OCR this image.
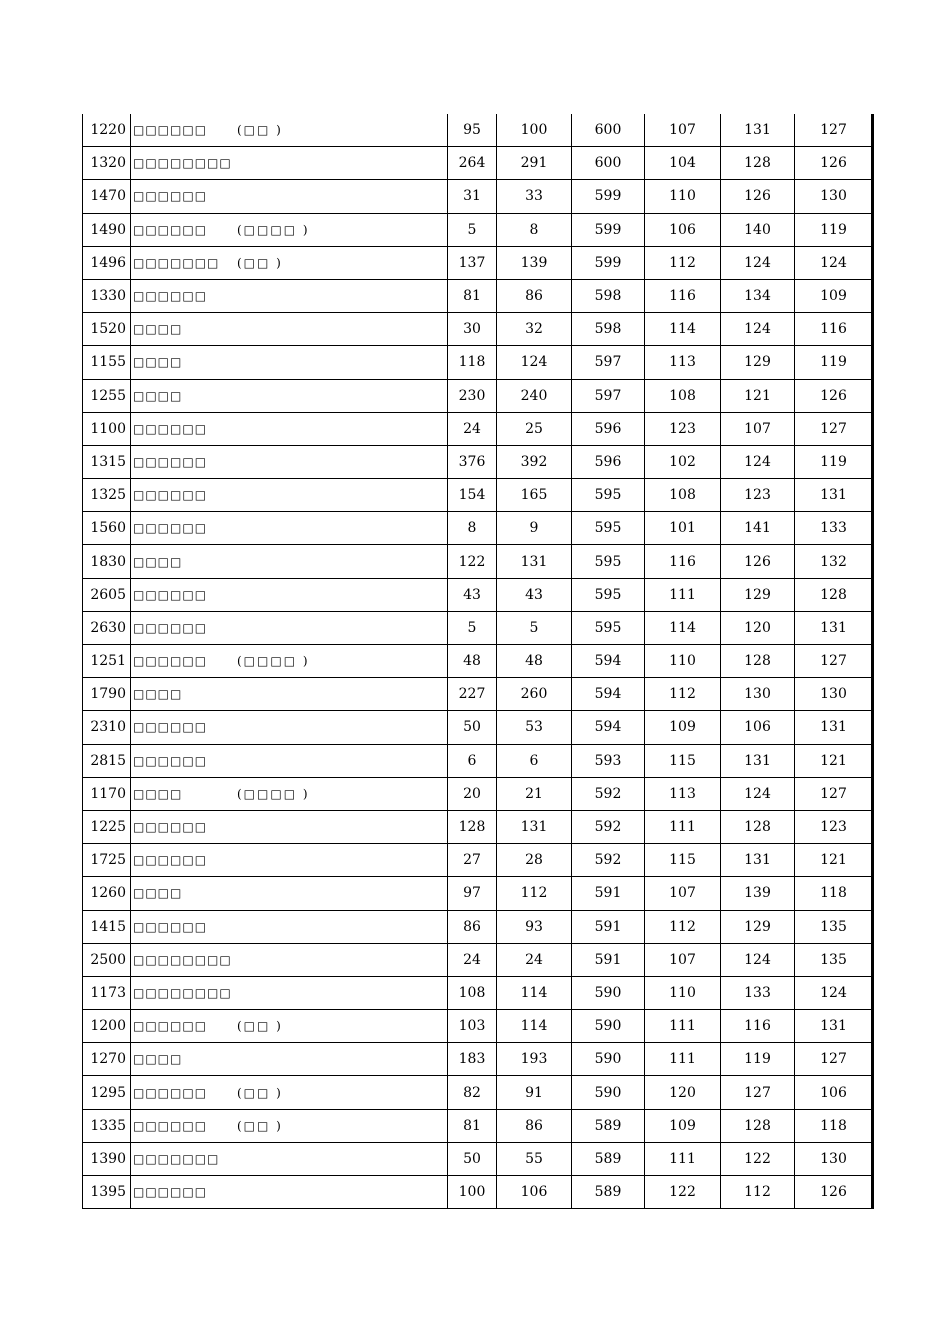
1220 □□□□□□	(□□ )	95	100	600	107	131	127
1320 □□□□□□□□	264	291	600	104	128	126
1470 □□□□□□	31	33	599	110	126	130
1490 □□□□□□	(□□□□ )	5	8	599	106	140	119
1496 □□□□□□□	(□□ )	137	139	599	112	124	124
1330 □□□□□□	81	86	598	116	134	109
1520 □□□□	30	32	598	114	124	116
1155 □□□□	118	124	597	113	129	119
1255 □□□□	230	240	597	108	121	126
1100 □□□□□□	24	25	596	123	107	127
1315 □□□□□□	376	392	596	102	124	119
1325 □□□□□□	154	165	595	108	123	131
1560 □□□□□□	8	9	595	101	141	133
1830 □□□□	122	131	595	116	126	132
2605 □□□□□□	43	43	595	111	129	128
2630 □□□□□□	5	5	595	114	120	131
1251 □□□□□□	(□□□□ )	48	48	594	110	128	127
1790 □□□□	227	260	594	112	130	130
2310 □□□□□□	50	53	594	109	106	131
2815 □□□□□□	6	6	593	115	131	121
1170 □□□□	(□□□□ )	20	21	592	113	124	127
1225 □□□□□□	128	131	592	111	128	123
1725 □□□□□□	27	28	592	115	131	121
1260 □□□□	97	112	591	107	139	118
1415 □□□□□□	86	93	591	112	129	135
2500 □□□□□□□□	24	24	591	107	124	135
1173 □□□□□□□□	108	114	590	110	133	124
1200 □□□□□□	(□□ )	103	114	590	111	116	131
1270 □□□□	183	193	590	111	119	127
1295 □□□□□□	(□□ )	82	91	590	120	127	106
1335 □□□□□□	(□□ )	81	86	589	109	128	118
1390 □□□□□□□	50	55	589	111	122	130
1395 □□□□□□	100	106	589	122	112	126
